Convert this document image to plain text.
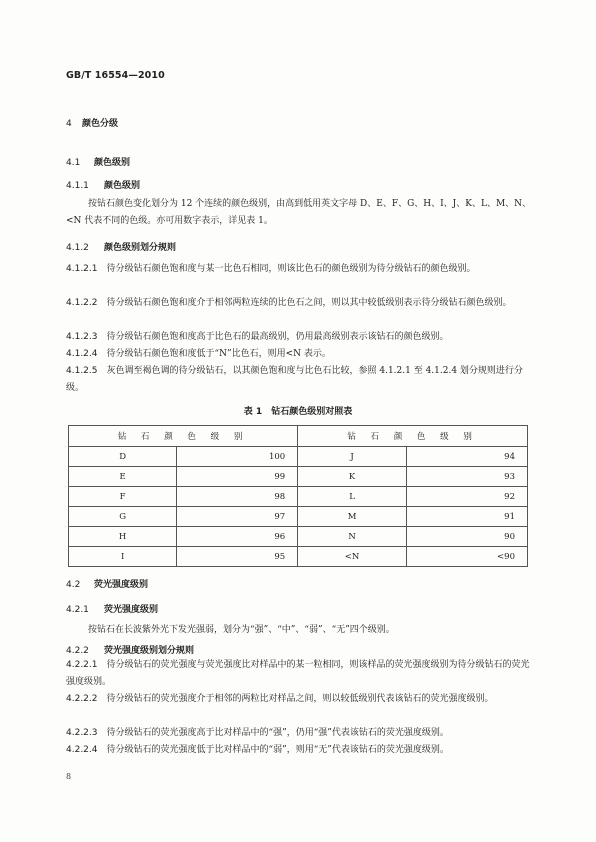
GB/T 16554—2010
4 颜色分级
4.1 颜色级别
4.1.1 颜色级别
按钻石颜色变化划分为 12 个连续的颜色级别，由高到低用英文字母 D、E、F、G、H、I、J、K、L、M、N、<N 代表不同的色级。亦可用数字表示，详见表 1。
4.1.2 颜色级别划分规则
4.1.2.1 待分级钻石颜色饱和度与某一比色石相同，则该比色石的颜色级别为待分级钻石的颜色级别。
4.1.2.2 待分级钻石颜色饱和度介于相邻两粒连续的比色石之间，则以其中较低级别表示待分级钻石颜色级别。
4.1.2.3 待分级钻石颜色饱和度高于比色石的最高级别，仍用最高级别表示该钻石的颜色级别。
4.1.2.4 待分级钻石颜色饱和度低于“N”比色石，则用<N 表示。
4.1.2.5 灰色调至褐色调的待分级钻石，以其颜色饱和度与比色石比较，参照 4.1.2.1 至 4.1.2.4 划分规则进行分级。
表 1　钻石颜色级别对照表
钻 石 颜 色 级 别		钻 石 颜 色 级 别	
D	100	J	94
E	99	K	93
F	98	L	92
G	97	M	91
H	96	N	90
I	95	<N	<90
4.2 荧光强度级别
4.2.1 荧光强度级别
按钻石在长波紫外光下发光强弱，划分为“强”、“中”、“弱”、“无”四个级别。
4.2.2 荧光强度级别划分规则
4.2.2.1 待分级钻石的荧光强度与荧光强度比对样品中的某一粒相同，则该样品的荧光强度级别为待分级钻石的荧光强度级别。
4.2.2.2 待分级钻石的荧光强度介于相邻的两粒比对样品之间，则以较低级别代表该钻石的荧光强度级别。
4.2.2.3 待分级钻石的荧光强度高于比对样品中的“强”，仍用“强”代表该钻石的荧光强度级别。
4.2.2.4 待分级钻石的荧光强度低于比对样品中的“弱”，则用“无”代表该钻石的荧光强度级别。
8
